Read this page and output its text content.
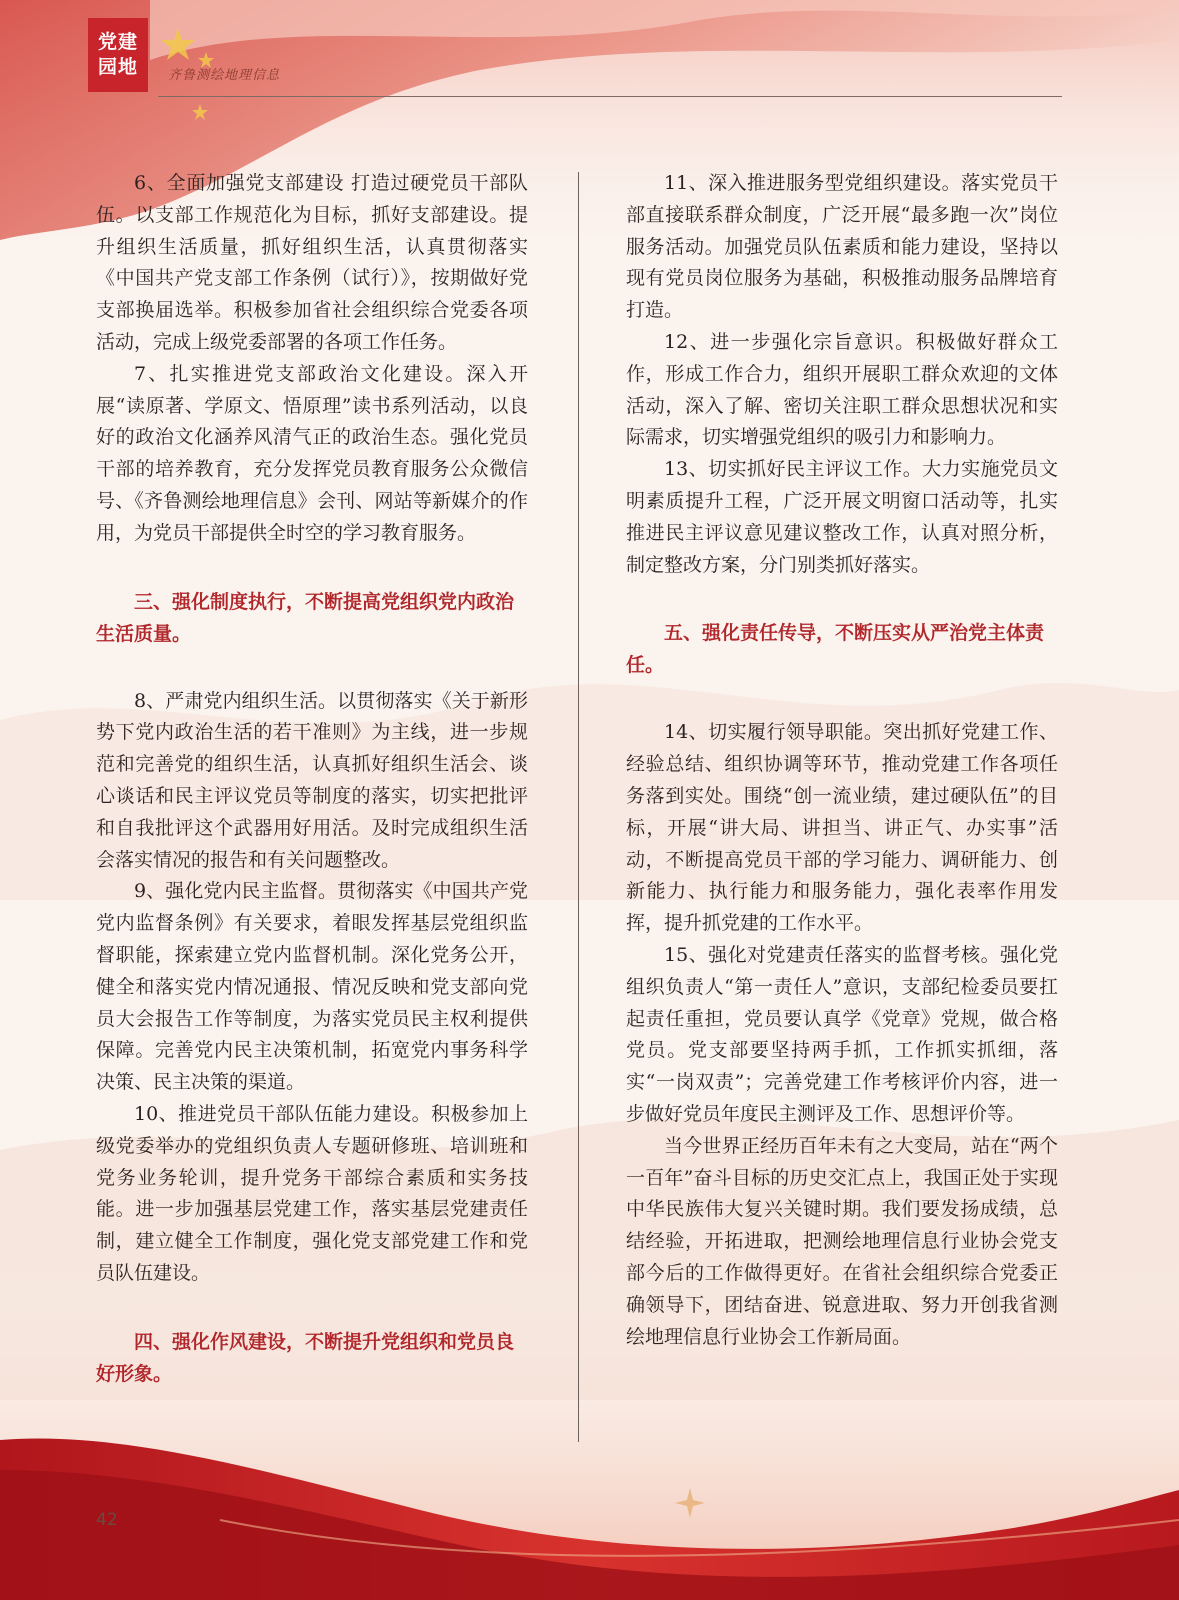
党建
园地	齐鲁测绘地理信息

6、全面加强党支部建设 打造过硬党员干部队伍。以支部工作规范化为目标，抓好支部建设。提升组织生活质量，抓好组织生活，认真贯彻落实《中国共产党支部工作条例（试行）》，按期做好党支部换届选举。积极参加省社会组织综合党委各项活动，完成上级党委部署的各项工作任务。

7、扎实推进党支部政治文化建设。深入开展“读原著、学原文、悟原理”读书系列活动，以良好的政治文化涵养风清气正的政治生态。强化党员干部的培养教育，充分发挥党员教育服务公众微信号、《齐鲁测绘地理信息》会刊、网站等新媒介的作用，为党员干部提供全时空的学习教育服务。

三、强化制度执行，不断提高党组织党内政治生活质量。

8、严肃党内组织生活。以贯彻落实《关于新形势下党内政治生活的若干准则》为主线，进一步规范和完善党的组织生活，认真抓好组织生活会、谈心谈话和民主评议党员等制度的落实，切实把批评和自我批评这个武器用好用活。及时完成组织生活会落实情况的报告和有关问题整改。

9、强化党内民主监督。贯彻落实《中国共产党党内监督条例》有关要求，着眼发挥基层党组织监督职能，探索建立党内监督机制。深化党务公开，健全和落实党内情况通报、情况反映和党支部向党员大会报告工作等制度，为落实党员民主权利提供保障。完善党内民主决策机制，拓宽党内事务科学决策、民主决策的渠道。

10、推进党员干部队伍能力建设。积极参加上级党委举办的党组织负责人专题研修班、培训班和党务业务轮训，提升党务干部综合素质和实务技能。进一步加强基层党建工作，落实基层党建责任制，建立健全工作制度，强化党支部党建工作和党员队伍建设。

四、强化作风建设，不断提升党组织和党员良好形象。

11、深入推进服务型党组织建设。落实党员干部直接联系群众制度，广泛开展“最多跑一次”岗位服务活动。加强党员队伍素质和能力建设，坚持以现有党员岗位服务为基础，积极推动服务品牌培育打造。

12、进一步强化宗旨意识。积极做好群众工作，形成工作合力，组织开展职工群众欢迎的文体活动，深入了解、密切关注职工群众思想状况和实际需求，切实增强党组织的吸引力和影响力。

13、切实抓好民主评议工作。大力实施党员文明素质提升工程，广泛开展文明窗口活动等，扎实推进民主评议意见建议整改工作，认真对照分析，制定整改方案，分门别类抓好落实。

五、强化责任传导，不断压实从严治党主体责任。

14、切实履行领导职能。突出抓好党建工作、经验总结、组织协调等环节，推动党建工作各项任务落到实处。围绕“创一流业绩，建过硬队伍”的目标，开展“讲大局、讲担当、讲正气、办实事”活动，不断提高党员干部的学习能力、调研能力、创新能力、执行能力和服务能力，强化表率作用发挥，提升抓党建的工作水平。

15、强化对党建责任落实的监督考核。强化党组织负责人“第一责任人”意识，支部纪检委员要扛起责任重担，党员要认真学《党章》党规，做合格党员。党支部要坚持两手抓，工作抓实抓细，落实“一岗双责”；完善党建工作考核评价内容，进一步做好党员年度民主测评及工作、思想评价等。

当今世界正经历百年未有之大变局，站在“两个一百年”奋斗目标的历史交汇点上，我国正处于实现中华民族伟大复兴关键时期。我们要发扬成绩，总结经验，开拓进取，把测绘地理信息行业协会党支部今后的工作做得更好。在省社会组织综合党委正确领导下，团结奋进、锐意进取、努力开创我省测绘地理信息行业协会工作新局面。

42
